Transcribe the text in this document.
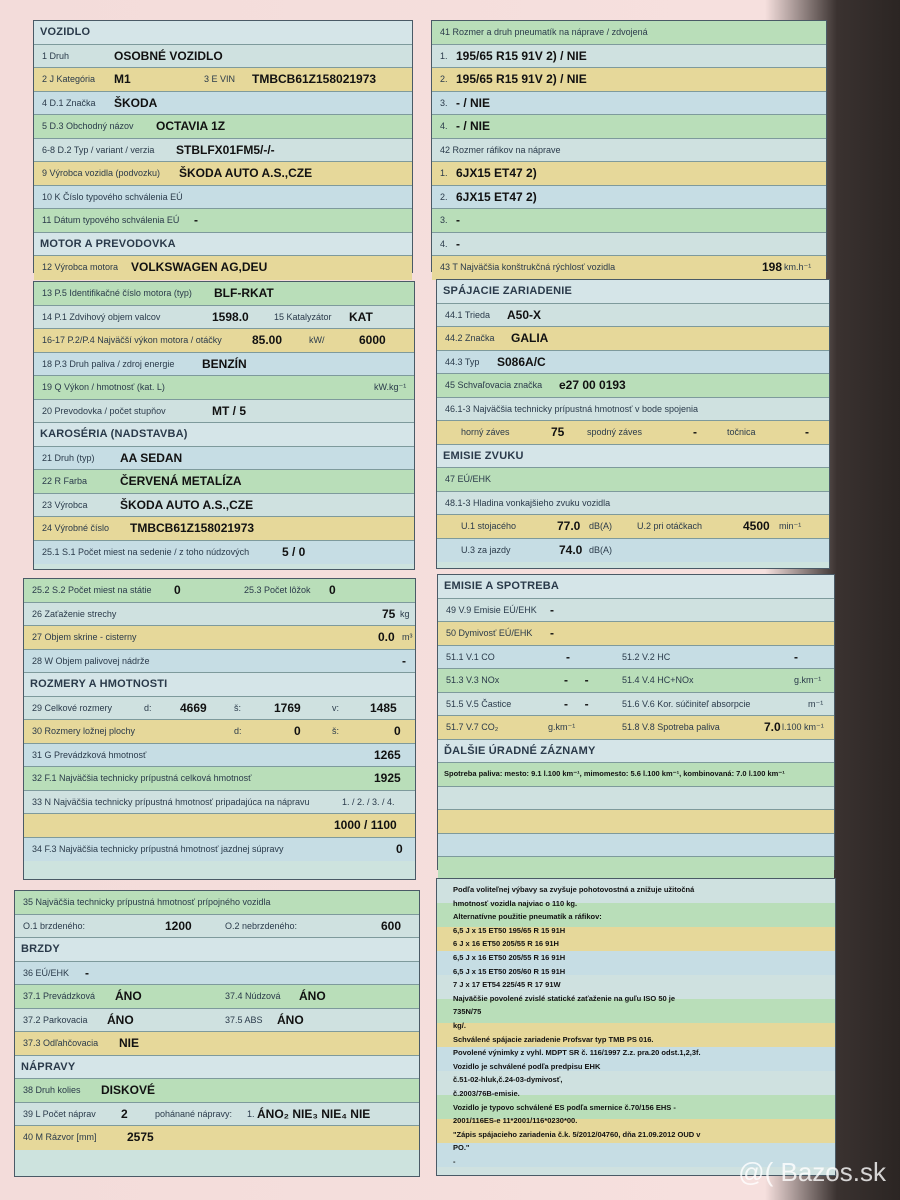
VOZIDLO
1 Druh	OSOBNÉ VOZIDLO
2 J Kategória M1	3 E VIN TMBCB61Z158021973
4 D.1 Značka ŠKODA
5 D.3 Obchodný názov OCTAVIA 1Z
6-8 D.2 Typ / variant / verzia STBLFX01FM5/-/-
9 Výrobca vozidla (podvozku) ŠKODA AUTO A.S.,CZE
10 K Číslo typového schválenia EÚ
11 Dátum typového schválenia EÚ -
MOTOR A PREVODOVKA
12 Výrobca motora VOLKSWAGEN AG,DEU
13 P.5 Identifikačné číslo motora (typ) BLF-RKAT
14 P.1 Zdvihový objem valcov	1598.0	15 Katalyzátor KAT
16-17 P.2/P.4 Najväčší výkon motora / otáčky	85.00	kW/	6000
18 P.3 Druh paliva / zdroj energie BENZÍN
19 Q Výkon / hmotnosť (kat. L)	kW.kg⁻¹
20 Prevodovka / počet stupňov	MT / 5
KAROSÉRIA (NADSTAVBA)
21 Druh (typ) AA SEDAN
22 R Farba	ČERVENÁ METALÍZA
23 Výrobca	ŠKODA AUTO A.S.,CZE
24 Výrobné číslo TMBCB61Z158021973
25.1 S.1 Počet miest na sedenie / z toho núdzových	5 / 0
25.2 S.2 Počet miest na státie 0	25.3 Počet lôžok 0
26 Zaťaženie strechy	75 kg
27 Objem skrine - cisterny	0.0 m³
28 W Objem palivovej nádrže	-
ROZMERY A HMOTNOSTI
29 Celkové rozmery	d: 4669	š:	1769	v:	1485
30 Rozmery ložnej plochy	d:	0	š:	0
31 G Prevádzková hmotnosť	1265
32 F.1 Najväčšia technicky prípustná celková hmotnosť	1925
33 N Najväčšia technicky prípustná hmotnosť pripadajúca na nápravu	1. / 2. / 3. / 4.
1000 / 1100
34 F.3 Najväčšia technicky prípustná hmotnosť jazdnej súpravy	0
35 Najväčšia technicky prípustná hmotnosť prípojného vozidla
O.1 brzdeného:	1200	O.2 nebrzdeného:	600
BRZDY
36 EÚ/EHK -
37.1 Prevádzková ÁNO	37.4 Núdzová ÁNO
37.2 Parkovacia ÁNO	37.5 ABS ÁNO
37.3 Odľahčovacia NIE
NÁPRAVY
38 Druh kolies DISKOVÉ
39 L Počet náprav 2	pohánané nápravy: 1. ÁNO₂ NIE₃ NIE₄ NIE
40 M Rázvor [mm]	2575
41 Rozmer a druh pneumatík na náprave / zdvojená
1. 195/65 R15 91V 2) / NIE
2. 195/65 R15 91V 2) / NIE
3. - / NIE
4. - / NIE
42 Rozmer ráfikov na náprave
1. 6JX15 ET47 2)
2. 6JX15 ET47 2)
3. -
4. -
43 T Najväčšia konštrukčná rýchlosť vozidla	198 km.h⁻¹
SPÁJACIE ZARIADENIE
44.1 Trieda A50-X
44.2 Značka GALIA
44.3 Typ S086A/C
45 Schvaľovacia značka e27 00 0193
46.1-3 Najväčšia technicky prípustná hmotnosť v bode spojenia
horný záves	75	spodný záves	-	točnica	-
EMISIE ZVUKU
47 EÚ/EHK
48.1-3 Hladina vonkajšieho zvuku vozidla
U.1 stojacého	77.0 dB(A)	U.2 pri otáčkach	4500 min⁻¹
U.3 za jazdy	74.0 dB(A)
EMISIE A SPOTREBA
49 V.9 Emisie EÚ/EHK -
50 Dymivosť EÚ/EHK -
51.1 V.1 CO	-	51.2 V.2 HC	-
51.3 V.3 NOx	-     -	51.4 V.4 HC+NOx	g.km⁻¹
51.5 V.5 Častice	-     -	51.6 V.6 Kor. súčiniteľ absorpcie	m⁻¹
51.7 V.7 CO₂	g.km⁻¹	51.8 V.8 Spotreba paliva	7.0 l.100 km⁻¹
ĎALŠIE ÚRADNÉ ZÁZNAMY
Spotreba paliva: mesto: 9.1 l.100 km⁻¹, mimomesto: 5.6 l.100 km⁻¹, kombinovaná: 7.0 l.100 km⁻¹
Podľa voliteľnej výbavy sa zvyšuje pohotovostná a znižuje užitočná
hmotnosť vozidla najviac o 110 kg.
Alternatívne použitie pneumatík a ráfikov:
6,5 J x 15 ET50 195/65 R 15 91H
6 J x 16 ET50 205/55 R 16 91H
6,5 J x 16 ET50 205/55 R 16 91H
6,5 J x 15 ET50 205/60 R 15 91H
7 J x 17 ET54 225/45 R 17 91W
Najväčšie povolené zvislé statické zaťaženie na guľu ISO 50 je
735N/75
kg/.
Schválené spájacie zariadenie Profsvar typ TMB PS 016.
Povolené výnimky z vyhl. MDPT SR č. 116/1997 Z.z. pra.20 odst.1,2,3f.
Vozidlo je schválené podľa predpisu EHK
č.51-02-hluk,č.24-03-dymivosť,
č.2003/76B-emisie.
Vozidlo je typovo schválené ES podľa smernice č.70/156 EHS -
2001/116ES-e 11*2001/116*0230*00.
"Zápis spájacieho zariadenia č.k. 5/2012/04760, dňa 21.09.2012 OUD v
PO."
-	@( Bazos.sk
